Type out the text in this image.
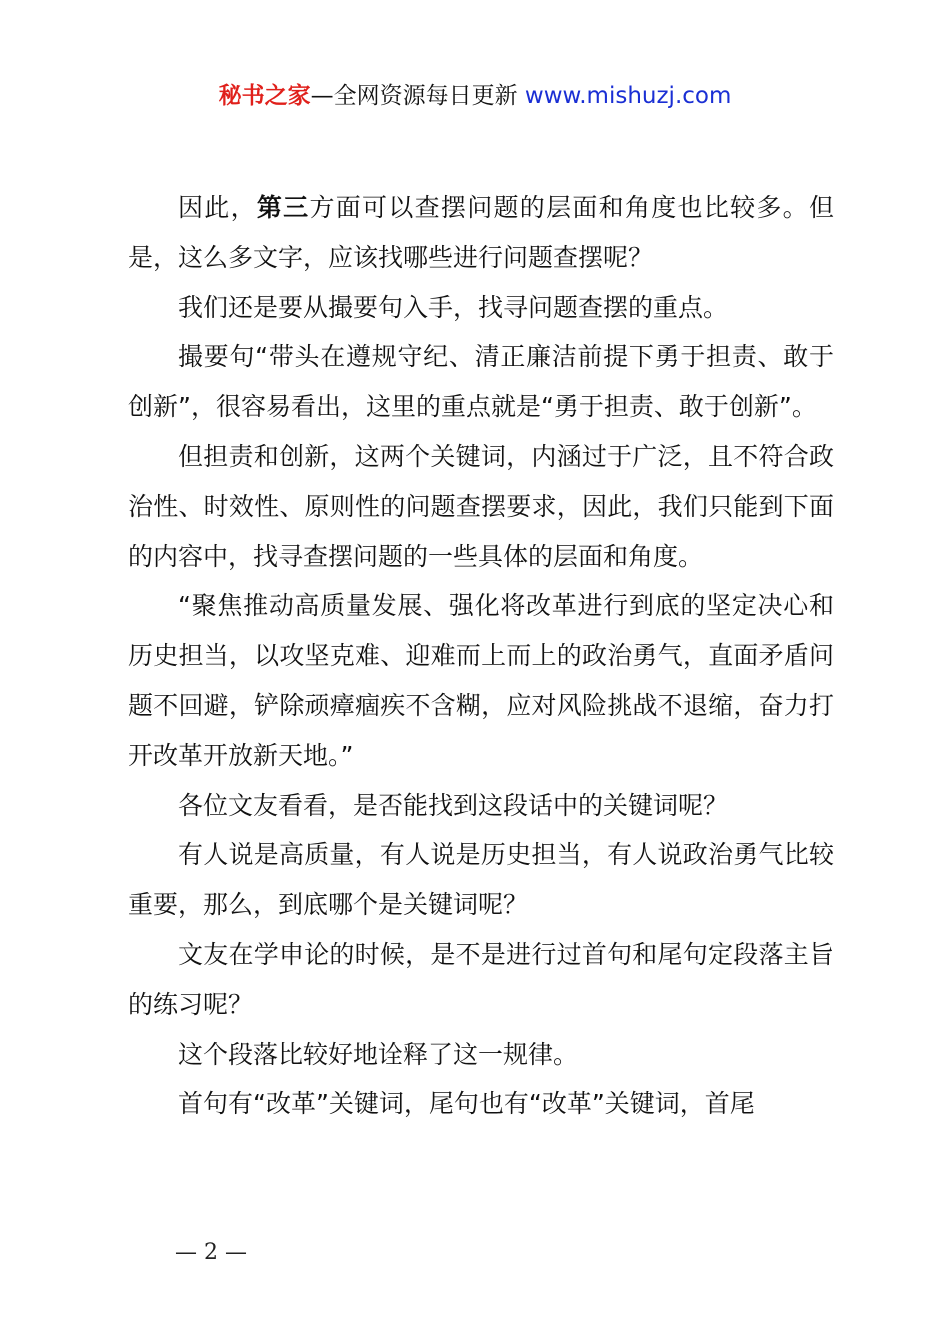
秘书之家—全网资源每日更新 www.mishuzj.com

因此，第三方面可以查摆问题的层面和角度也比较多。但是，这么多文字，应该找哪些进行问题查摆呢？

我们还是要从撮要句入手，找寻问题查摆的重点。

撮要句“带头在遵规守纪、清正廉洁前提下勇于担责、敢于创新”，很容易看出，这里的重点就是“勇于担责、敢于创新”。

但担责和创新，这两个关键词，内涵过于广泛，且不符合政治性、时效性、原则性的问题查摆要求，因此，我们只能到下面的内容中，找寻查摆问题的一些具体的层面和角度。

“聚焦推动高质量发展、强化将改革进行到底的坚定决心和历史担当，以攻坚克难、迎难而上而上的政治勇气，直面矛盾问题不回避，铲除顽瘴痼疾不含糊，应对风险挑战不退缩，奋力打开改革开放新天地。”

各位文友看看，是否能找到这段话中的关键词呢？

有人说是高质量，有人说是历史担当，有人说政治勇气比较重要，那么，到底哪个是关键词呢？

文友在学申论的时候，是不是进行过首句和尾句定段落主旨的练习呢？

这个段落比较好地诠释了这一规律。

首句有“改革”关键词，尾句也有“改革”关键词，首尾

— 2 —
